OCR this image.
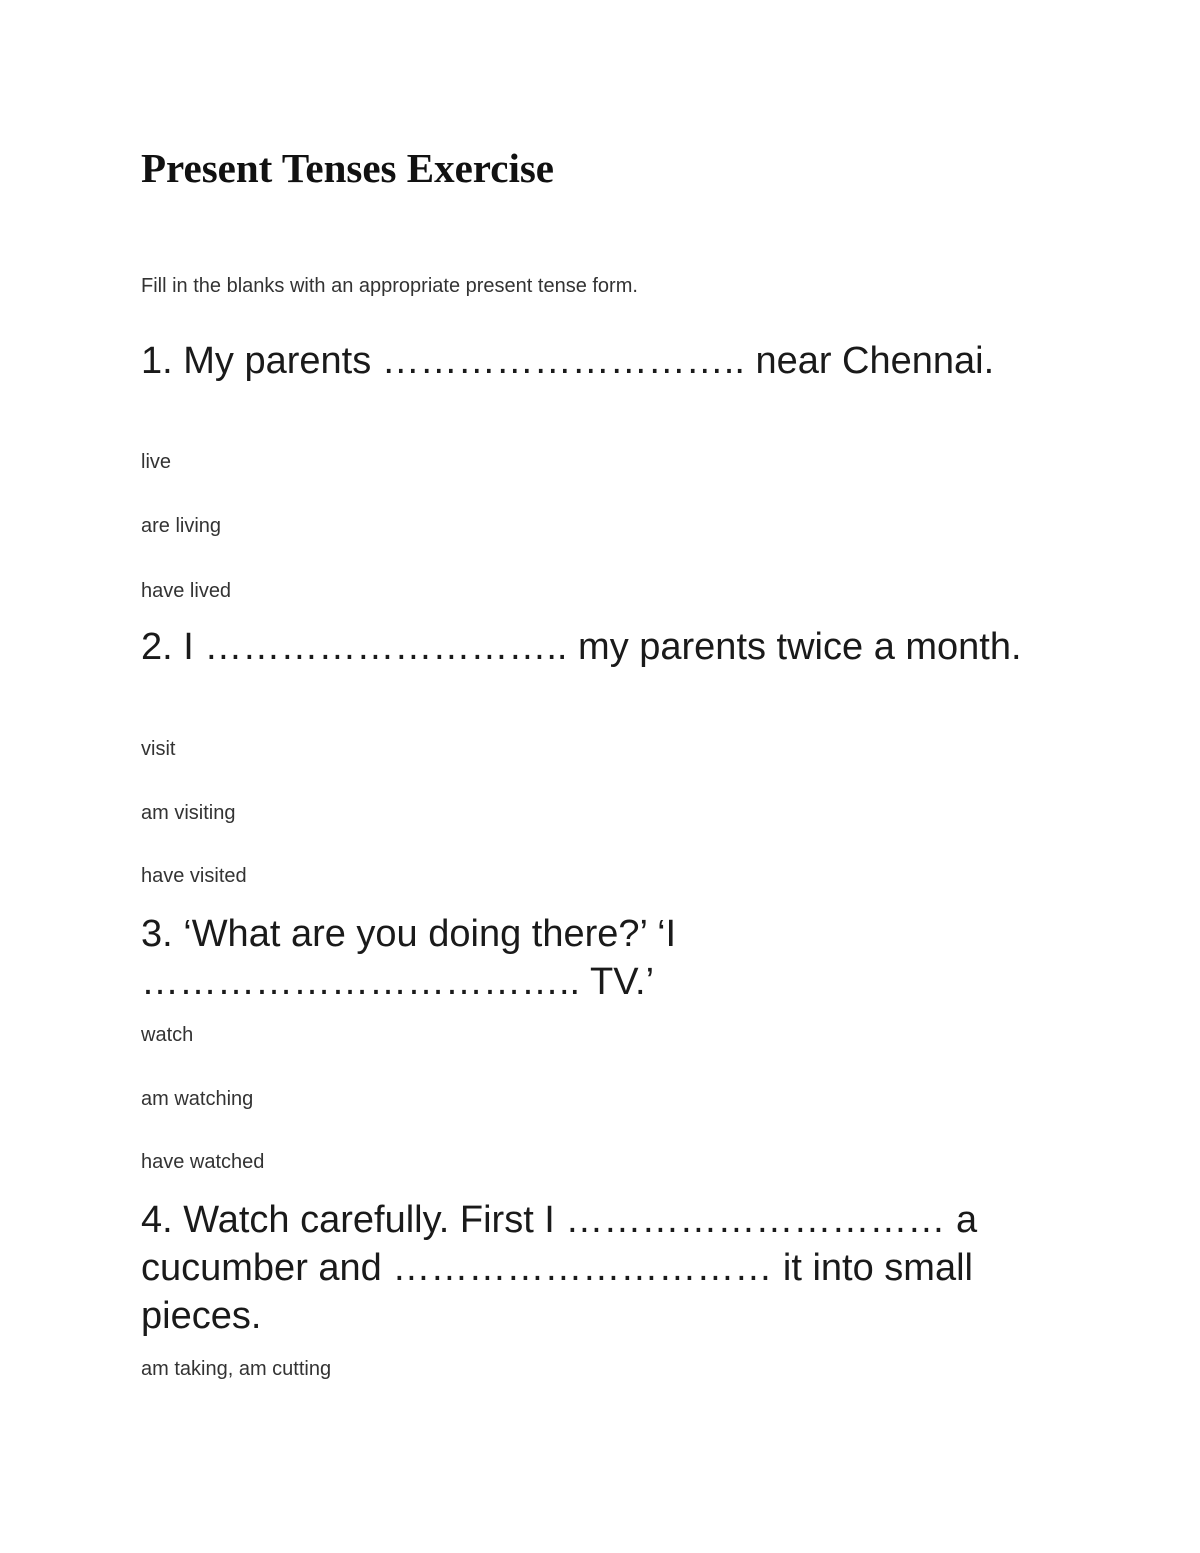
Present Tenses Exercise
Fill in the blanks with an appropriate present tense form.
1. My parents ……………………….. near Chennai.
live
are living
have lived
2. I ……………………….. my parents twice a month.
visit
am visiting
have visited
3. ‘What are you doing there?’ ‘I …………………………….. TV.’
watch
am watching
have watched
4. Watch carefully. First I ………………………… a cucumber and ………………………… it into small pieces.
am taking, am cutting
